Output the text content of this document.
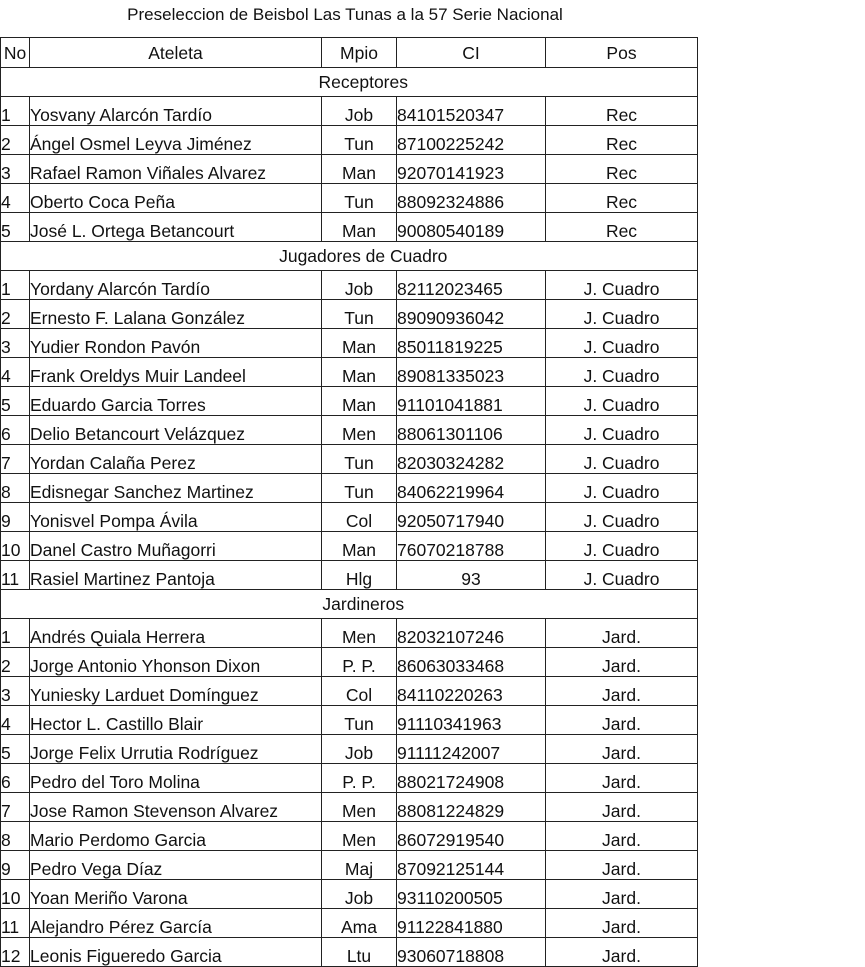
Preseleccion de Beisbol Las Tunas a la 57 Serie Nacional
No	Ateleta	Mpio	CI	Pos
	Receptores			
1	Yosvany Alarcón Tardío	Job	84101520347	Rec
2	Ángel Osmel Leyva Jiménez	Tun	87100225242	Rec
3	Rafael Ramon Viñales Alvarez	Man	92070141923	Rec
4	Oberto Coca Peña	Tun	88092324886	Rec
5	José L. Ortega Betancourt	Man	90080540189	Rec
	Jugadores de Cuadro			
1	Yordany Alarcón Tardío	Job	82112023465	J. Cuadro
2	Ernesto F. Lalana González	Tun	89090936042	J. Cuadro
3	Yudier Rondon Pavón	Man	85011819225	J. Cuadro
4	Frank Oreldys Muir Landeel	Man	89081335023	J. Cuadro
5	Eduardo Garcia Torres	Man	91101041881	J. Cuadro
6	Delio Betancourt Velázquez	Men	88061301106	J. Cuadro
7	Yordan Calaña Perez	Tun	82030324282	J. Cuadro
8	Edisnegar Sanchez Martinez	Tun	84062219964	J. Cuadro
9	Yonisvel Pompa Ávila	Col	92050717940	J. Cuadro
10	Danel Castro Muñagorri	Man	76070218788	J. Cuadro
11	Rasiel Martinez Pantoja	Hlg	93	J. Cuadro
	Jardineros			
1	Andrés Quiala Herrera	Men	82032107246	Jard.
2	Jorge Antonio Yhonson Dixon	P. P.	86063033468	Jard.
3	Yuniesky Larduet Domínguez	Col	84110220263	Jard.
4	Hector L. Castillo Blair	Tun	91110341963	Jard.
5	Jorge Felix Urrutia Rodríguez	Job	91111242007	Jard.
6	Pedro del Toro Molina	P. P.	88021724908	Jard.
7	Jose Ramon Stevenson Alvarez	Men	88081224829	Jard.
8	Mario Perdomo Garcia	Men	86072919540	Jard.
9	Pedro Vega Díaz	Maj	87092125144	Jard.
10	Yoan Meriño Varona	Job	93110200505	Jard.
11	Alejandro Pérez García	Ama	91122841880	Jard.
12	Leonis Figueredo Garcia	Ltu	93060718808	Jard.
